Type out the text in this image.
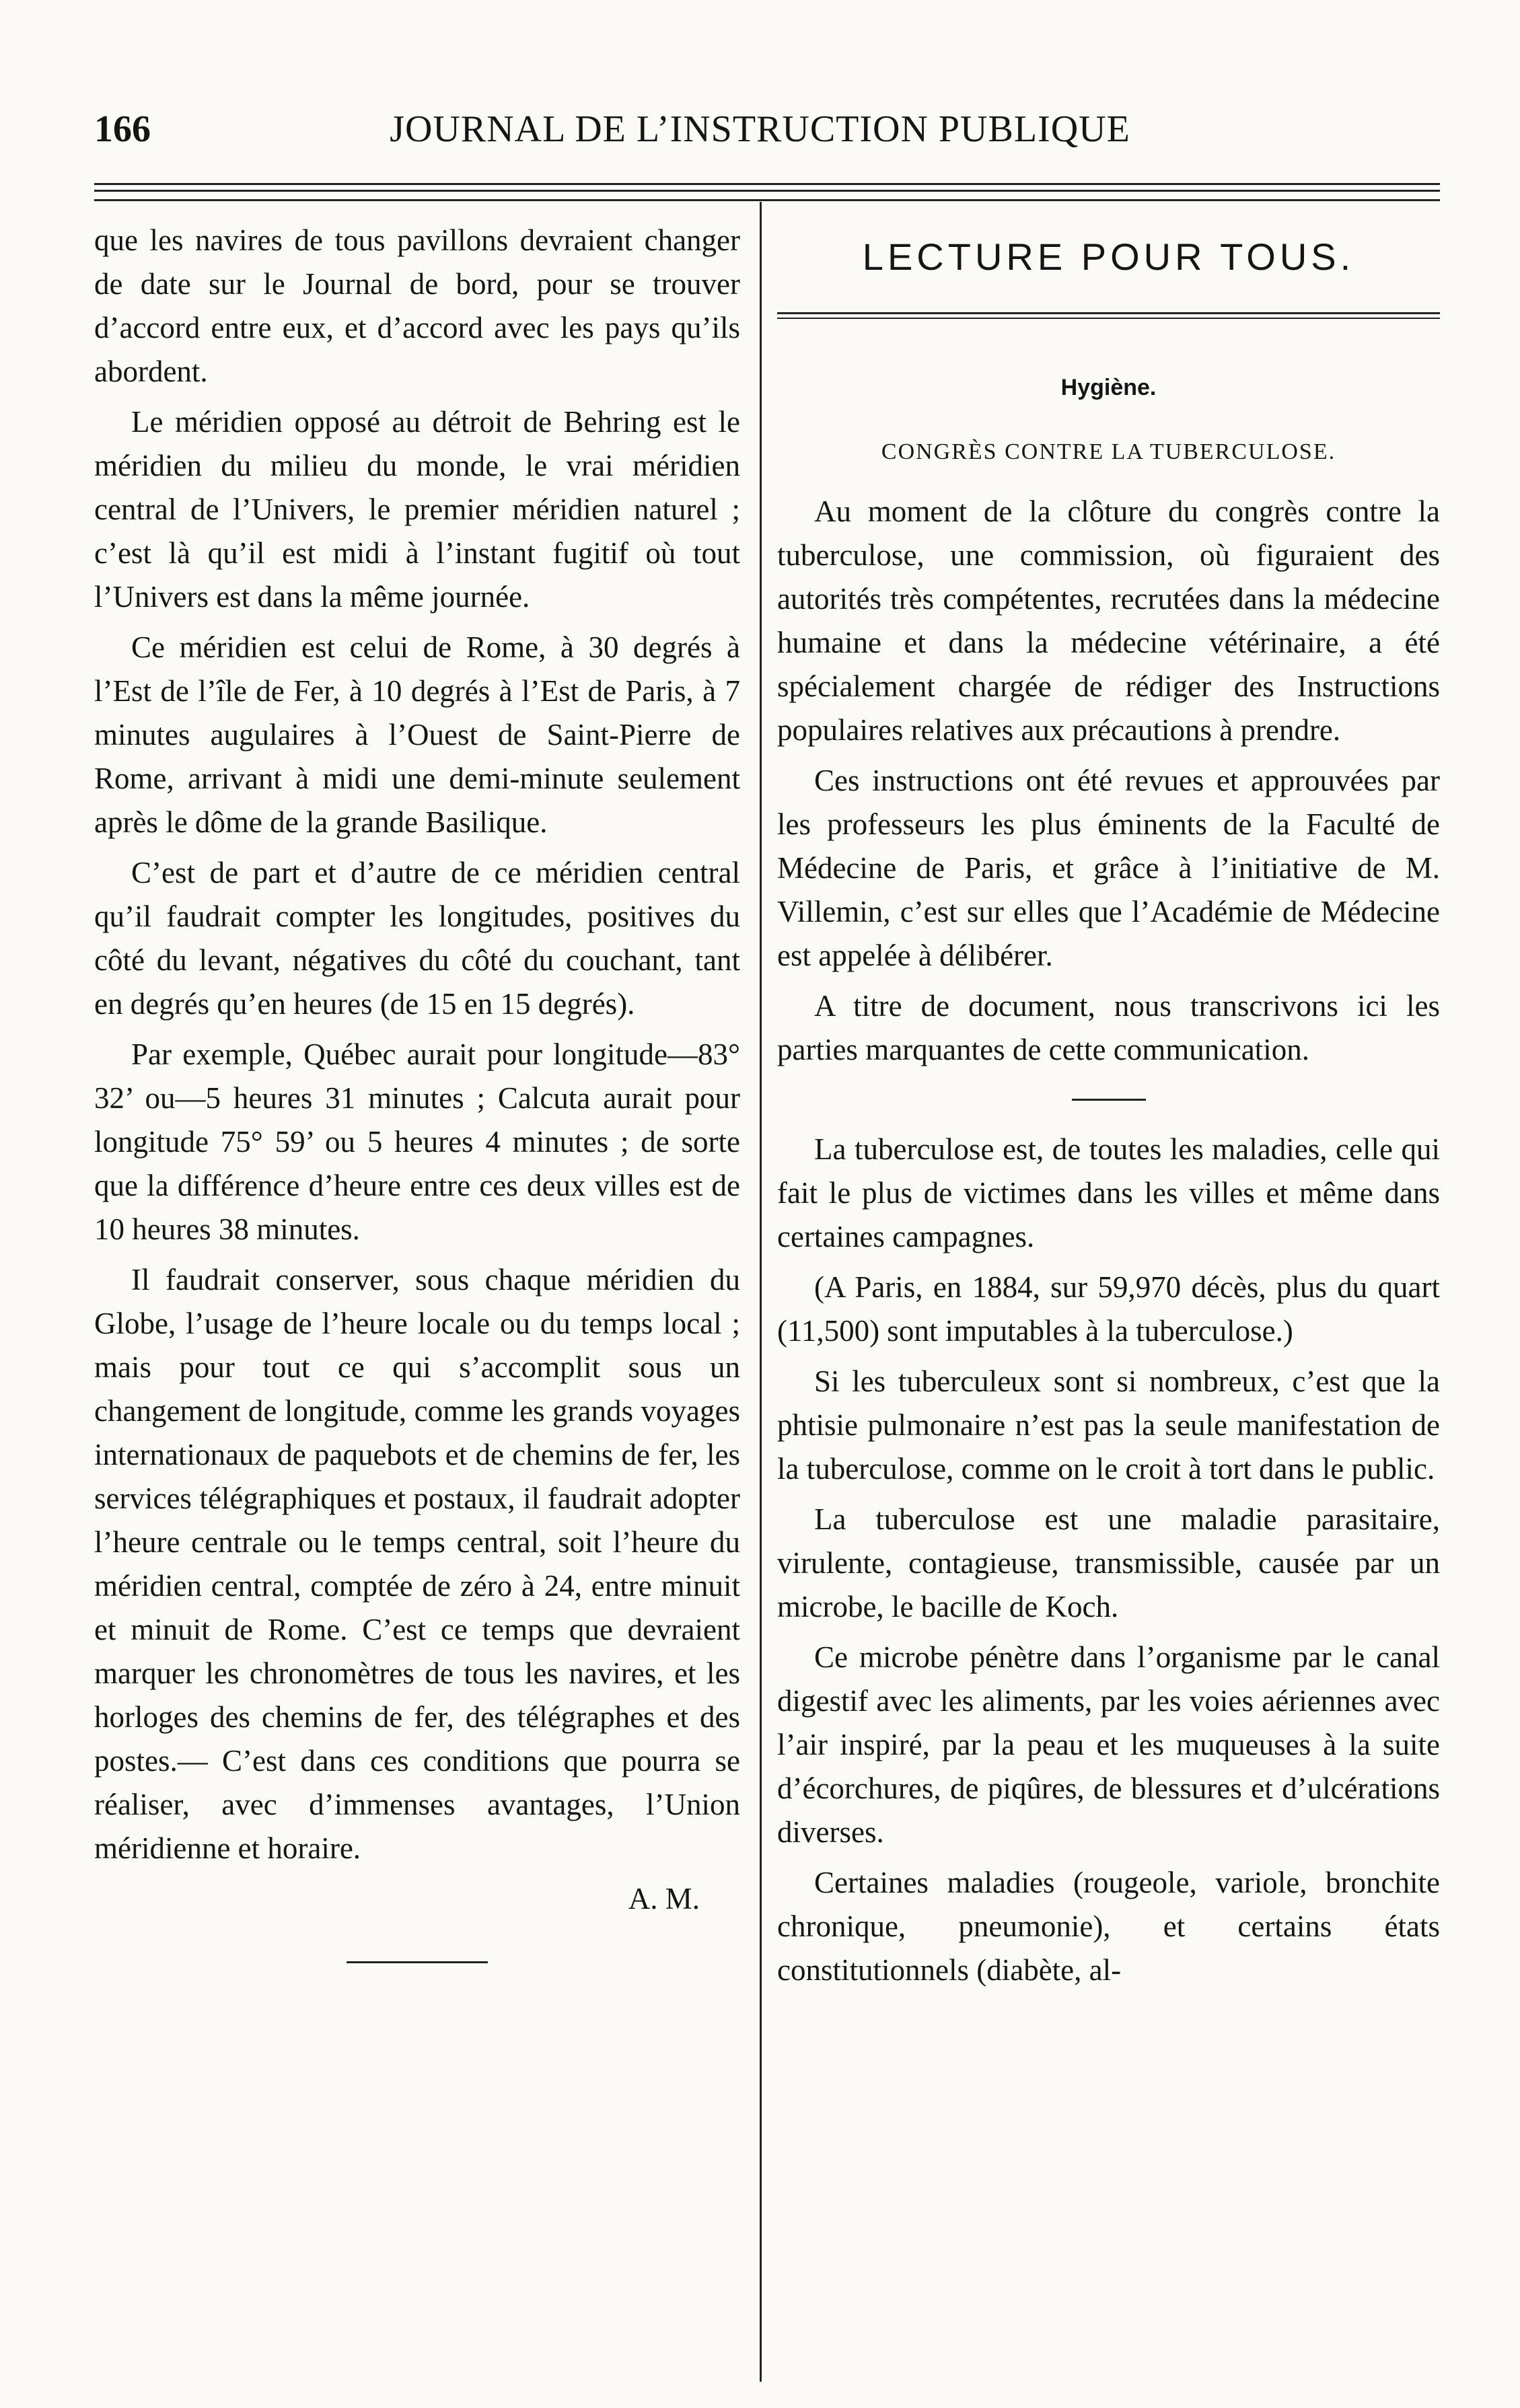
166	JOURNAL DE L’INSTRUCTION PUBLIQUE

que les navires de tous pavillons devraient changer de date sur le Journal de bord, pour se trouver d’accord entre eux, et d’accord avec les pays qu’ils abordent.

Le méridien opposé au détroit de Behring est le méridien du milieu du monde, le vrai méridien central de l’Univers, le premier méridien naturel ; c’est là qu’il est midi à l’instant fugitif où tout l’Univers est dans la même journée.

Ce méridien est celui de Rome, à 30 degrés à l’Est de l’île de Fer, à 10 degrés à l’Est de Paris, à 7 minutes augulaires à l’Ouest de Saint-Pierre de Rome, arrivant à midi une demi-minute seulement après le dôme de la grande Basilique.

C’est de part et d’autre de ce méridien central qu’il faudrait compter les longitudes, positives du côté du levant, négatives du côté du couchant, tant en degrés qu’en heures (de 15 en 15 degrés).

Par exemple, Québec aurait pour longitude—83° 32’ ou—5 heures 31 minutes ; Calcuta aurait pour longitude 75° 59’ ou 5 heures 4 minutes ; de sorte que la différence d’heure entre ces deux villes est de 10 heures 38 minutes.

Il faudrait conserver, sous chaque méridien du Globe, l’usage de l’heure locale ou du temps local ; mais pour tout ce qui s’accomplit sous un changement de longitude, comme les grands voyages internationaux de paquebots et de chemins de fer, les services télégraphiques et postaux, il faudrait adopter l’heure centrale ou le temps central, soit l’heure du méridien central, comptée de zéro à 24, entre minuit et minuit de Rome. C’est ce temps que devraient marquer les chronomètres de tous les navires, et les horloges des chemins de fer, des télégraphes et des postes.— C’est dans ces conditions que pourra se réaliser, avec d’immenses avantages, l’Union méridienne et horaire.

A. M.
LECTURE POUR TOUS.
Hygiène.
CONGRÈS CONTRE LA TUBERCULOSE.

Au moment de la clôture du congrès contre la tuberculose, une commission, où figuraient des autorités très compétentes, recrutées dans la médecine humaine et dans la médecine vétérinaire, a été spécialement chargée de rédiger des Instructions populaires relatives aux précautions à prendre.

Ces instructions ont été revues et approuvées par les professeurs les plus éminents de la Faculté de Médecine de Paris, et grâce à l’initiative de M. Villemin, c’est sur elles que l’Académie de Médecine est appelée à délibérer.

A titre de document, nous transcrivons ici les parties marquantes de cette communication.

La tuberculose est, de toutes les maladies, celle qui fait le plus de victimes dans les villes et même dans certaines campagnes.

(A Paris, en 1884, sur 59,970 décès, plus du quart (11,500) sont imputables à la tuberculose.)

Si les tuberculeux sont si nombreux, c’est que la phtisie pulmonaire n’est pas la seule manifestation de la tuberculose, comme on le croit à tort dans le public.

La tuberculose est une maladie parasitaire, virulente, contagieuse, transmissible, causée par un microbe, le bacille de Koch.

Ce microbe pénètre dans l’organisme par le canal digestif avec les aliments, par les voies aériennes avec l’air inspiré, par la peau et les muqueuses à la suite d’écorchures, de piqûres, de blessures et d’ulcérations diverses.

Certaines maladies (rougeole, variole, bronchite chronique, pneumonie), et certains états constitutionnels (diabète, al-
